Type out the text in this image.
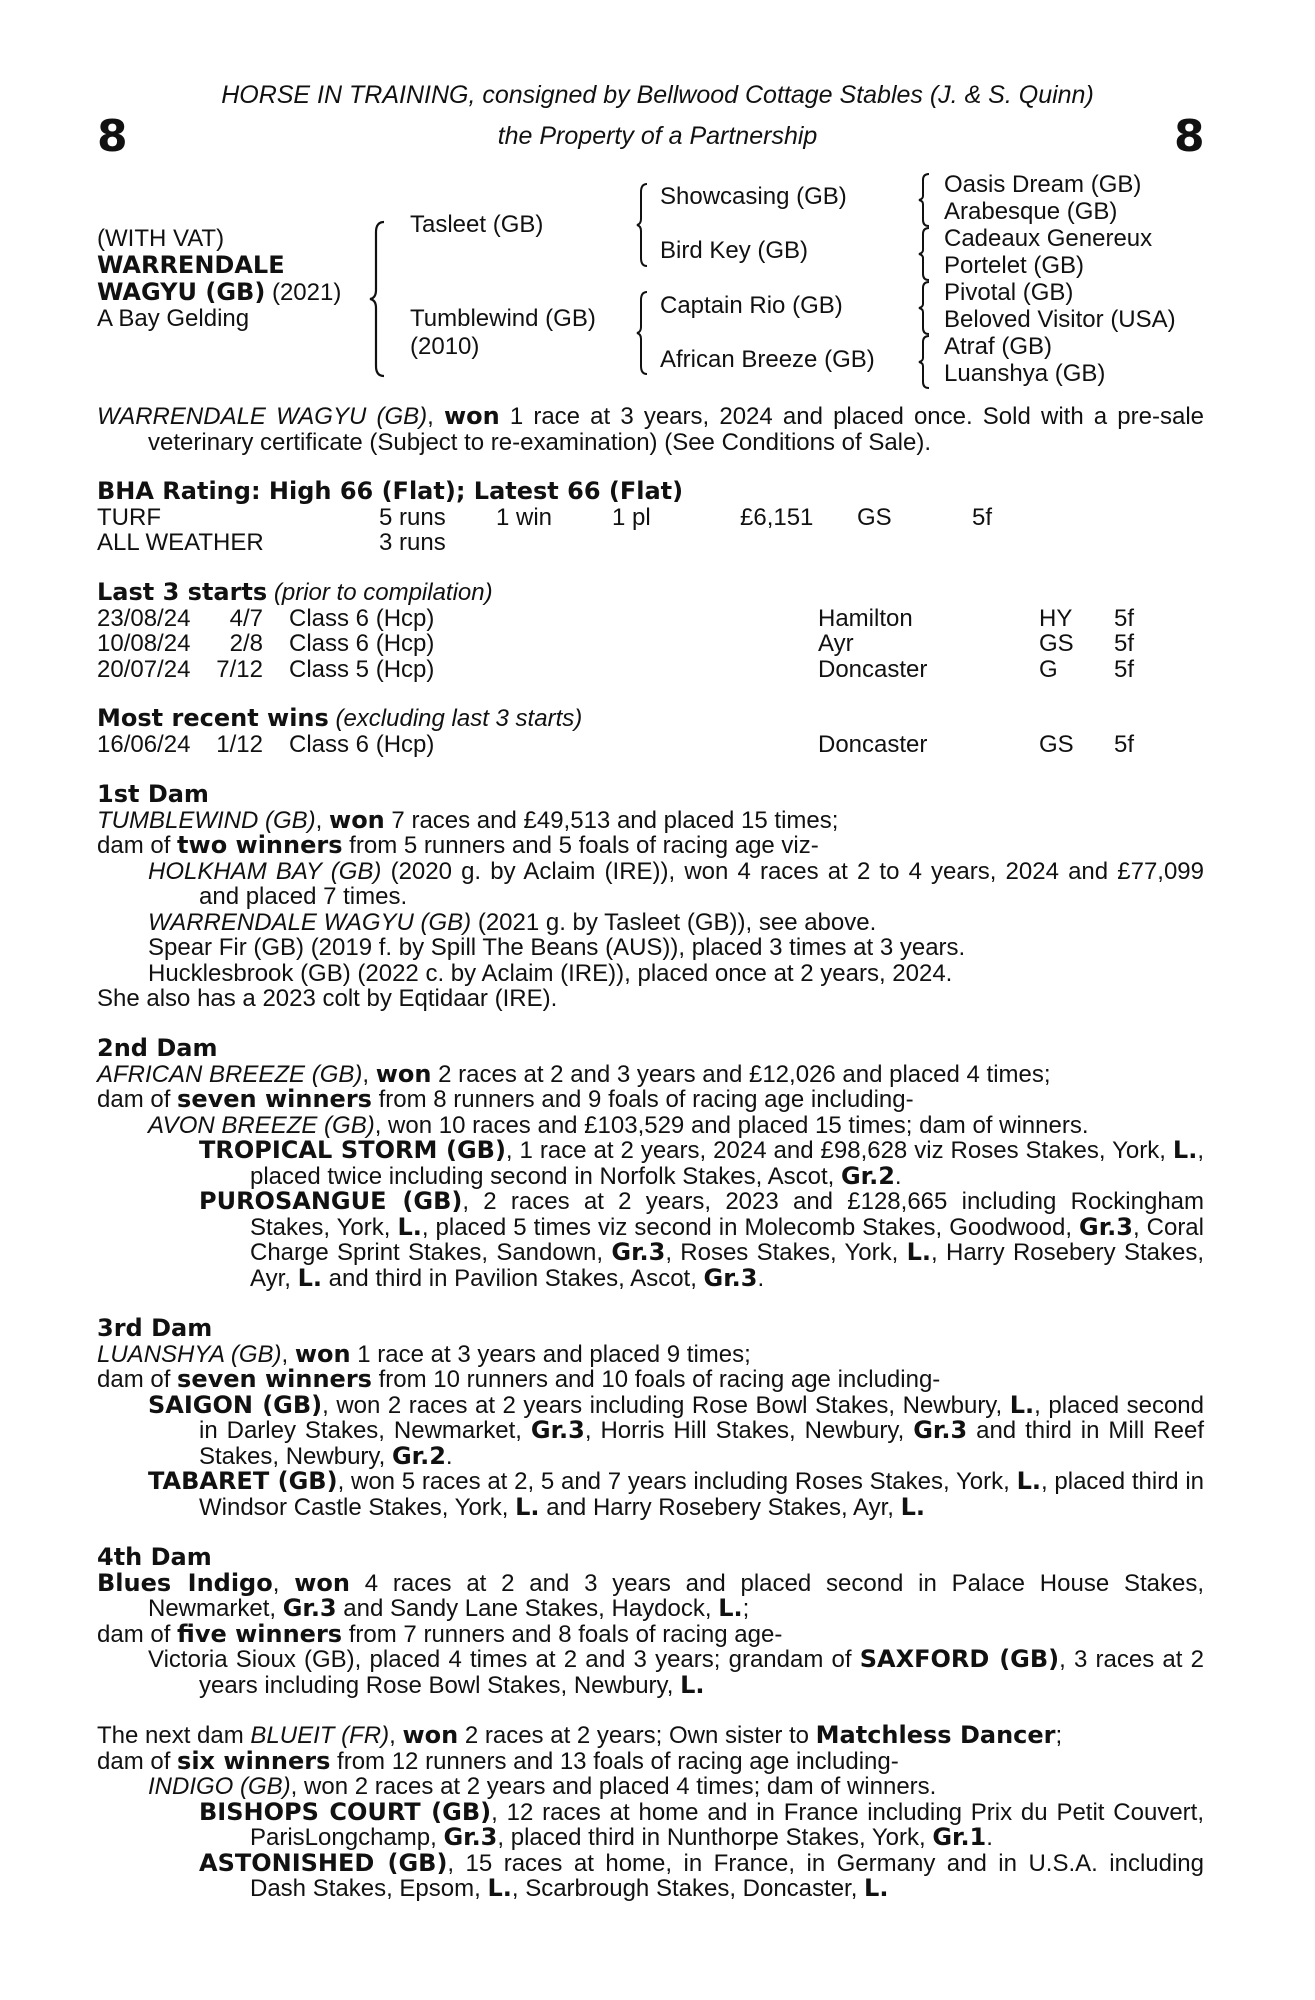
8	8
HORSE IN TRAINING, consigned by Bellwood Cottage Stables (J. & S. Quinn)
the Property of a Partnership
(WITH VAT)
WARRENDALE
WAGYU (GB) (2021)
A Bay Gelding
Tasleet (GB)
Tumblewind (GB)
(2010)
Showcasing (GB)
Bird Key (GB)
Captain Rio (GB)
African Breeze (GB)
Oasis Dream (GB)
Arabesque (GB)
Cadeaux Genereux
Portelet (GB)
Pivotal (GB)
Beloved Visitor (USA)
Atraf (GB)
Luanshya (GB)

WARRENDALE WAGYU (GB), won 1 race at 3 years, 2024 and placed once. Sold with a pre-sale veterinary certificate (Subject to re-examination) (See Conditions of Sale).

BHA Rating: High 66 (Flat); Latest 66 (Flat)
TURF	5 runs 1 win 1 pl	£6,151 GS	5f
ALL WEATHER	3 runs
Last 3 starts (prior to compilation)
23/08/24	4/7 Class 6 (Hcp)	Hamilton	HY 5f
10/08/24	2/8 Class 6 (Hcp)	Ayr	GS 5f
20/07/24	7/12 Class 5 (Hcp)	Doncaster	G 5f
Most recent wins (excluding last 3 starts)
16/06/24	1/12 Class 6 (Hcp)	Doncaster	GS 5f
1st Dam

TUMBLEWIND (GB), won 7 races and £49,513 and placed 15 times;

dam of two winners from 5 runners and 5 foals of racing age viz-

HOLKHAM BAY (GB) (2020 g. by Aclaim (IRE)), won 4 races at 2 to 4 years, 2024 and £77,099 and placed 7 times.

WARRENDALE WAGYU (GB) (2021 g. by Tasleet (GB)), see above.

Spear Fir (GB) (2019 f. by Spill The Beans (AUS)), placed 3 times at 3 years.

Hucklesbrook (GB) (2022 c. by Aclaim (IRE)), placed once at 2 years, 2024.

She also has a 2023 colt by Eqtidaar (IRE).

2nd Dam

AFRICAN BREEZE (GB), won 2 races at 2 and 3 years and £12,026 and placed 4 times;

dam of seven winners from 8 runners and 9 foals of racing age including-

AVON BREEZE (GB), won 10 races and £103,529 and placed 15 times; dam of winners.

TROPICAL STORM (GB), 1 race at 2 years, 2024 and £98,628 viz Roses Stakes, York, L., placed twice including second in Norfolk Stakes, Ascot, Gr.2.

PUROSANGUE (GB), 2 races at 2 years, 2023 and £128,665 including Rockingham Stakes, York, L., placed 5 times viz second in Molecomb Stakes, Goodwood, Gr.3, Coral Charge Sprint Stakes, Sandown, Gr.3, Roses Stakes, York, L., Harry Rosebery Stakes, Ayr, L. and third in Pavilion Stakes, Ascot, Gr.3.

3rd Dam

LUANSHYA (GB), won 1 race at 3 years and placed 9 times;

dam of seven winners from 10 runners and 10 foals of racing age including-

SAIGON (GB), won 2 races at 2 years including Rose Bowl Stakes, Newbury, L., placed second in Darley Stakes, Newmarket, Gr.3, Horris Hill Stakes, Newbury, Gr.3 and third in Mill Reef Stakes, Newbury, Gr.2.

TABARET (GB), won 5 races at 2, 5 and 7 years including Roses Stakes, York, L., placed third in Windsor Castle Stakes, York, L. and Harry Rosebery Stakes, Ayr, L.

4th Dam

Blues Indigo, won 4 races at 2 and 3 years and placed second in Palace House Stakes, Newmarket, Gr.3 and Sandy Lane Stakes, Haydock, L.;

dam of five winners from 7 runners and 8 foals of racing age-

Victoria Sioux (GB), placed 4 times at 2 and 3 years; grandam of SAXFORD (GB), 3 races at 2 years including Rose Bowl Stakes, Newbury, L.

The next dam BLUEIT (FR), won 2 races at 2 years; Own sister to Matchless Dancer;

dam of six winners from 12 runners and 13 foals of racing age including-

INDIGO (GB), won 2 races at 2 years and placed 4 times; dam of winners.

BISHOPS COURT (GB), 12 races at home and in France including Prix du Petit Couvert, ParisLongchamp, Gr.3, placed third in Nunthorpe Stakes, York, Gr.1.

ASTONISHED (GB), 15 races at home, in France, in Germany and in U.S.A. including Dash Stakes, Epsom, L., Scarbrough Stakes, Doncaster, L.
